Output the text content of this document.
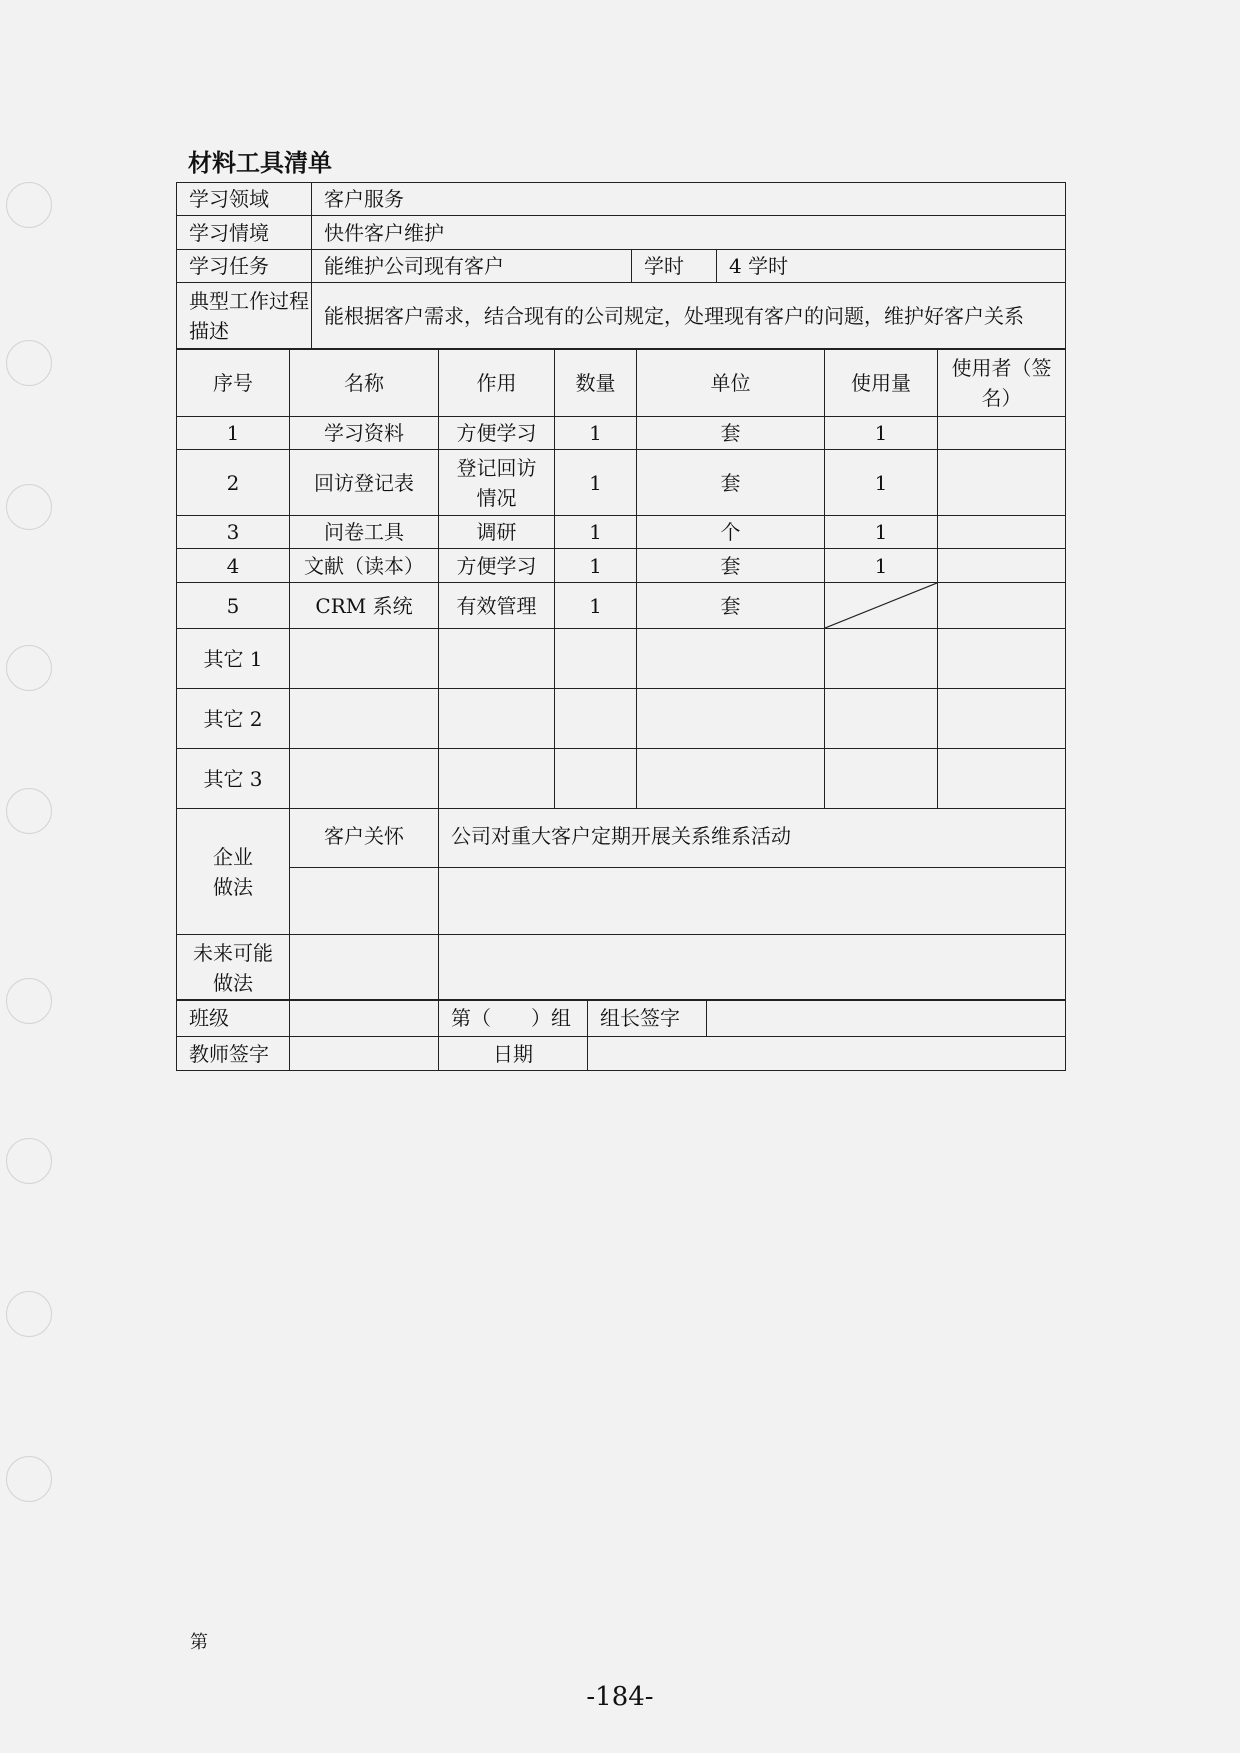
材料工具清单
学习领域	客户服务		
学习情境	快件客户维护		
学习任务	能维护公司现有客户	学时	4 学时
典型工作过程描述	能根据客户需求，结合现有的公司规定，处理现有客户的问题，维护好客户关系		
序号	名称	作用	数量	单位	使用量	使用者（签名）
1	学习资料	方便学习	1	套	1	
2	回访登记表	登记回访情况	1	套	1	
3	问卷工具	调研	1	个	1	
4	文献（读本）	方便学习	1	套	1	
5	CRM 系统	有效管理	1	套	

其它 1						
其它 2						
其它 3						
企业做法	客户关怀	公司对重大客户定期开展关系维系活动				

未来可能做法						
班级		第（　　）组	组长签字	
教师签字		日期		
第
-184-
